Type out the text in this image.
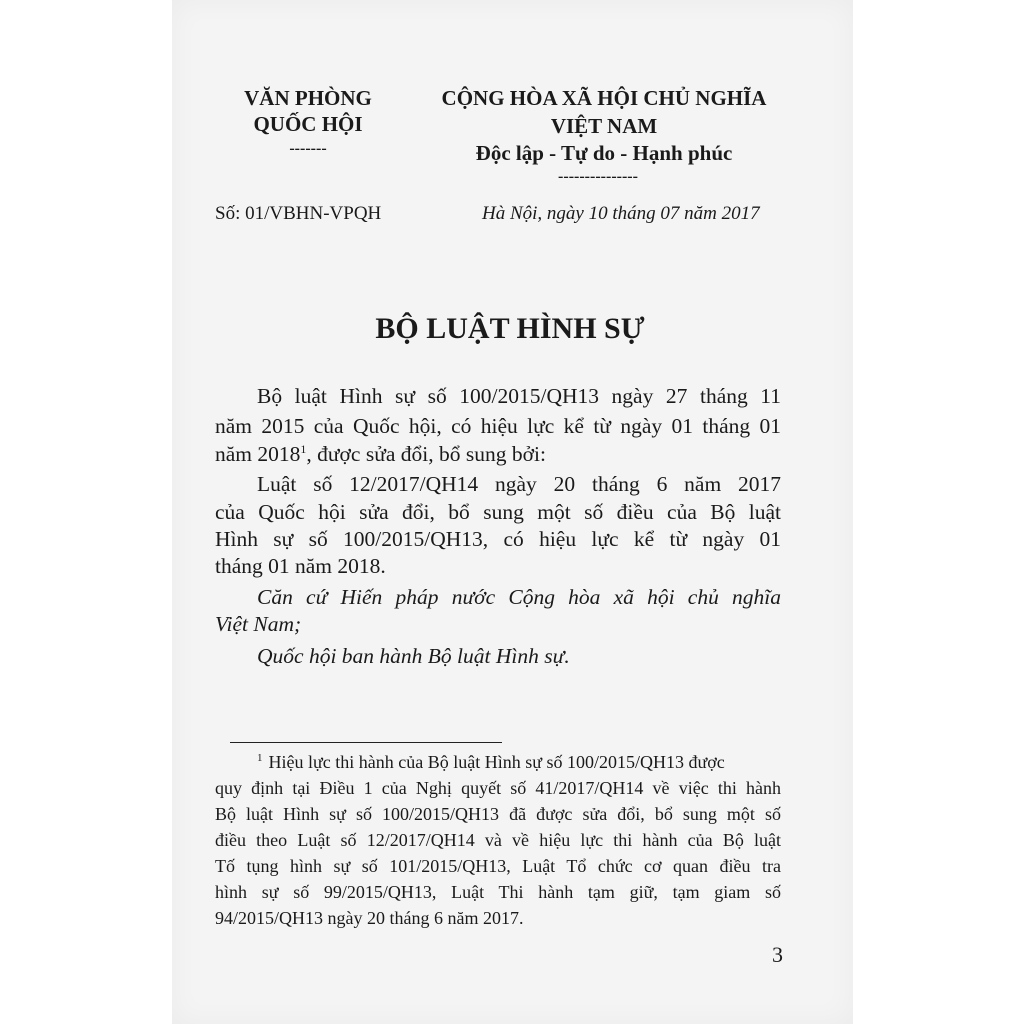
VĂN PHÒNG
QUỐC HỘI
-------
CỘNG HÒA XÃ HỘI CHỦ NGHĨA
VIỆT NAM
Độc lập - Tự do - Hạnh phúc
---------------
Số: 01/VBHN-VPQH	Hà Nội, ngày 10 tháng 07 năm 2017
BỘ LUẬT HÌNH SỰ
Bộ luật Hình sự số 100/2015/QH13 ngày 27 tháng 11
năm 2015 của Quốc hội, có hiệu lực kể từ ngày 01 tháng 01
năm 2018$^1$, được sửa đổi, bổ sung bởi:
Luật số 12/2017/QH14 ngày 20 tháng 6 năm 2017
của Quốc hội sửa đổi, bổ sung một số điều của Bộ luật
Hình sự số 100/2015/QH13, có hiệu lực kể từ ngày 01
tháng 01 năm 2018.
Căn cứ Hiến pháp nước Cộng hòa xã hội chủ nghĩa
Việt Nam;
Quốc hội ban hành Bộ luật Hình sự.
$^1$ Hiệu lực thi hành của Bộ luật Hình sự số 100/2015/QH13 được
quy định tại Điều 1 của Nghị quyết số 41/2017/QH14 về việc thi hành
Bộ luật Hình sự số 100/2015/QH13 đã được sửa đổi, bổ sung một số
điều theo Luật số 12/2017/QH14 và về hiệu lực thi hành của Bộ luật
Tố tụng hình sự số 101/2015/QH13, Luật Tổ chức cơ quan điều tra
hình sự số 99/2015/QH13, Luật Thi hành tạm giữ, tạm giam số
94/2015/QH13 ngày 20 tháng 6 năm 2017.
3
